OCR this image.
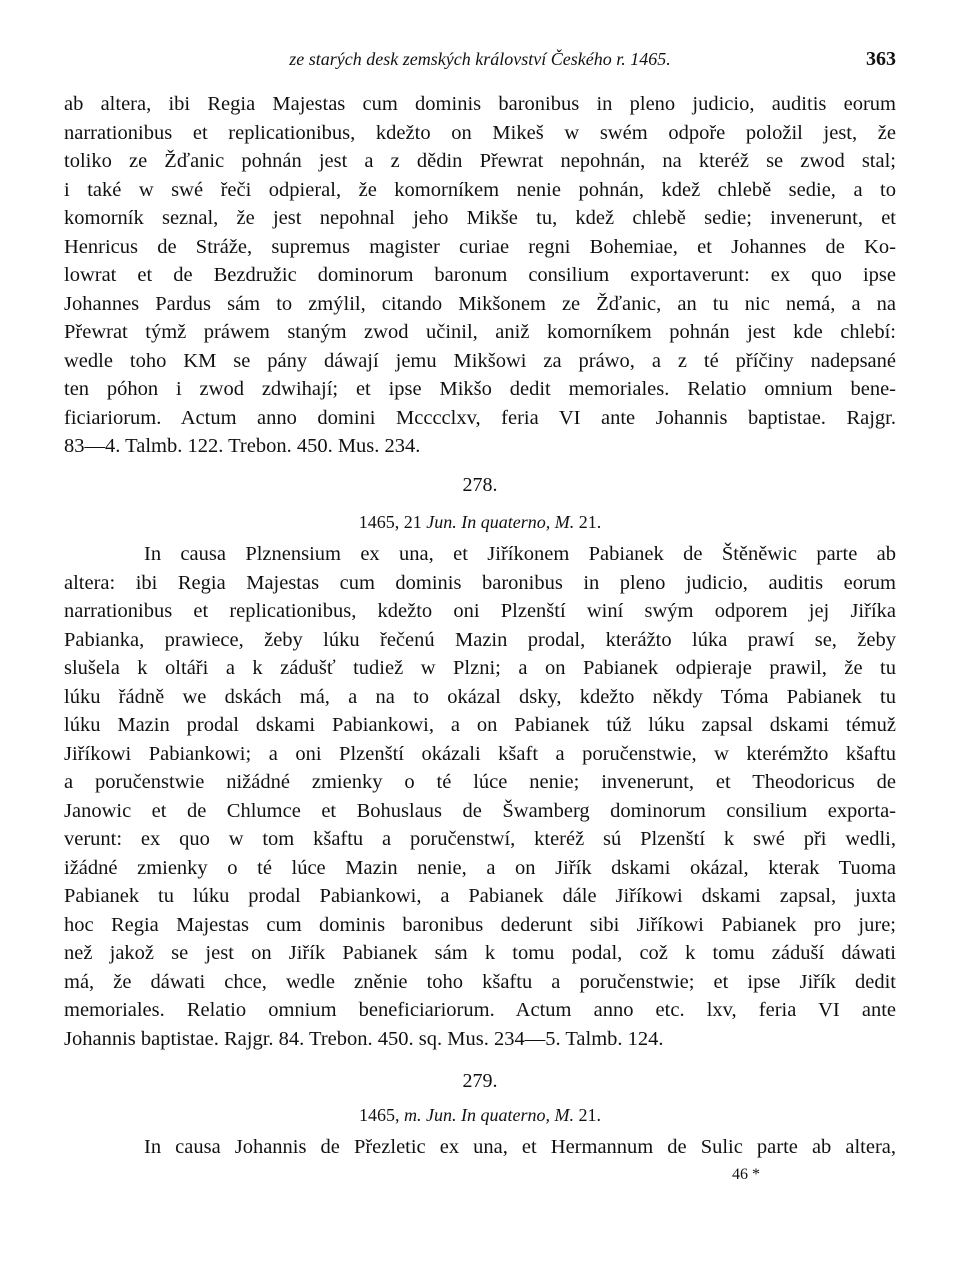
ze starých desk zemských království Českého r. 1465.	363
ab altera, ibi Regia Majestas cum dominis baronibus in pleno judicio, auditis eorum
narrationibus et replicationibus, kdežto on Mikeš w swém odpoře položil jest, že
toliko ze Žďanic pohnán jest a z dědin Přewrat nepohnán, na kteréž se zwod stal;
i také w swé řeči odpieral, že komorníkem nenie pohnán, kdež chlebě sedie, a to
komorník seznal, že jest nepohnal jeho Mikše tu, kdež chlebě sedie; invenerunt, et
Henricus de Stráže, supremus magister curiae regni Bohemiae, et Johannes de Ko-
lowrat et de Bezdružic dominorum baronum consilium exportaverunt: ex quo ipse
Johannes Pardus sám to zmýlil, citando Mikšonem ze Žďanic, an tu nic nemá, a na
Přewrat týmž práwem staným zwod učinil, aniž komorníkem pohnán jest kde chlebí:
wedle toho KM se pány dáwají jemu Mikšowi za práwo, a z té příčiny nadepsané
ten póhon i zwod zdwihají; et ipse Mikšo dedit memoriales. Relatio omnium bene-
ficiariorum. Actum anno domini Mcccclxv, feria VI ante Johannis baptistae. Rajgr.
83—4. Talmb. 122. Trebon. 450. Mus. 234.
278.
1465, 21 Jun. In quaterno, M. 21.
In causa Plznensium ex una, et Jiříkonem Pabianek de Štěněwic parte ab
altera: ibi Regia Majestas cum dominis baronibus in pleno judicio, auditis eorum
narrationibus et replicationibus, kdežto oni Plzenští winí swým odporem jej Jiříka
Pabianka, prawiece, žeby lúku řečenú Mazin prodal, kterážto lúka prawí se, žeby
slušela k oltáři a k zádušť tudiež w Plzni; a on Pabianek odpieraje prawil, že tu
lúku řádně we dskách má, a na to okázal dsky, kdežto někdy Tóma Pabianek tu
lúku Mazin prodal dskami Pabiankowi, a on Pabianek túž lúku zapsal dskami témuž
Jiříkowi Pabiankowi; a oni Plzenští okázali kšaft a poručenstwie, w kterémžto kšaftu
a poručenstwie nižádné zmienky o té lúce nenie; invenerunt, et Theodoricus de
Janowic et de Chlumce et Bohuslaus de Šwamberg dominorum consilium exporta-
verunt: ex quo w tom kšaftu a poručenstwí, kteréž sú Plzenští k swé při wedli,
ižádné zmienky o té lúce Mazin nenie, a on Jiřík dskami okázal, kterak Tuoma
Pabianek tu lúku prodal Pabiankowi, a Pabianek dále Jiříkowi dskami zapsal, juxta
hoc Regia Majestas cum dominis baronibus dederunt sibi Jiříkowi Pabianek pro jure;
než jakož se jest on Jiřík Pabianek sám k tomu podal, což k tomu záduší dáwati
má, že dáwati chce, wedle zněnie toho kšaftu a poručenstwie; et ipse Jiřík dedit
memoriales. Relatio omnium beneficiariorum. Actum anno etc. lxv, feria VI ante
Johannis baptistae. Rajgr. 84. Trebon. 450. sq. Mus. 234—5. Talmb. 124.
279.
1465, m. Jun. In quaterno, M. 21.
In causa Johannis de Přezletic ex una, et Hermannum de Sulic parte ab altera,
46 *
